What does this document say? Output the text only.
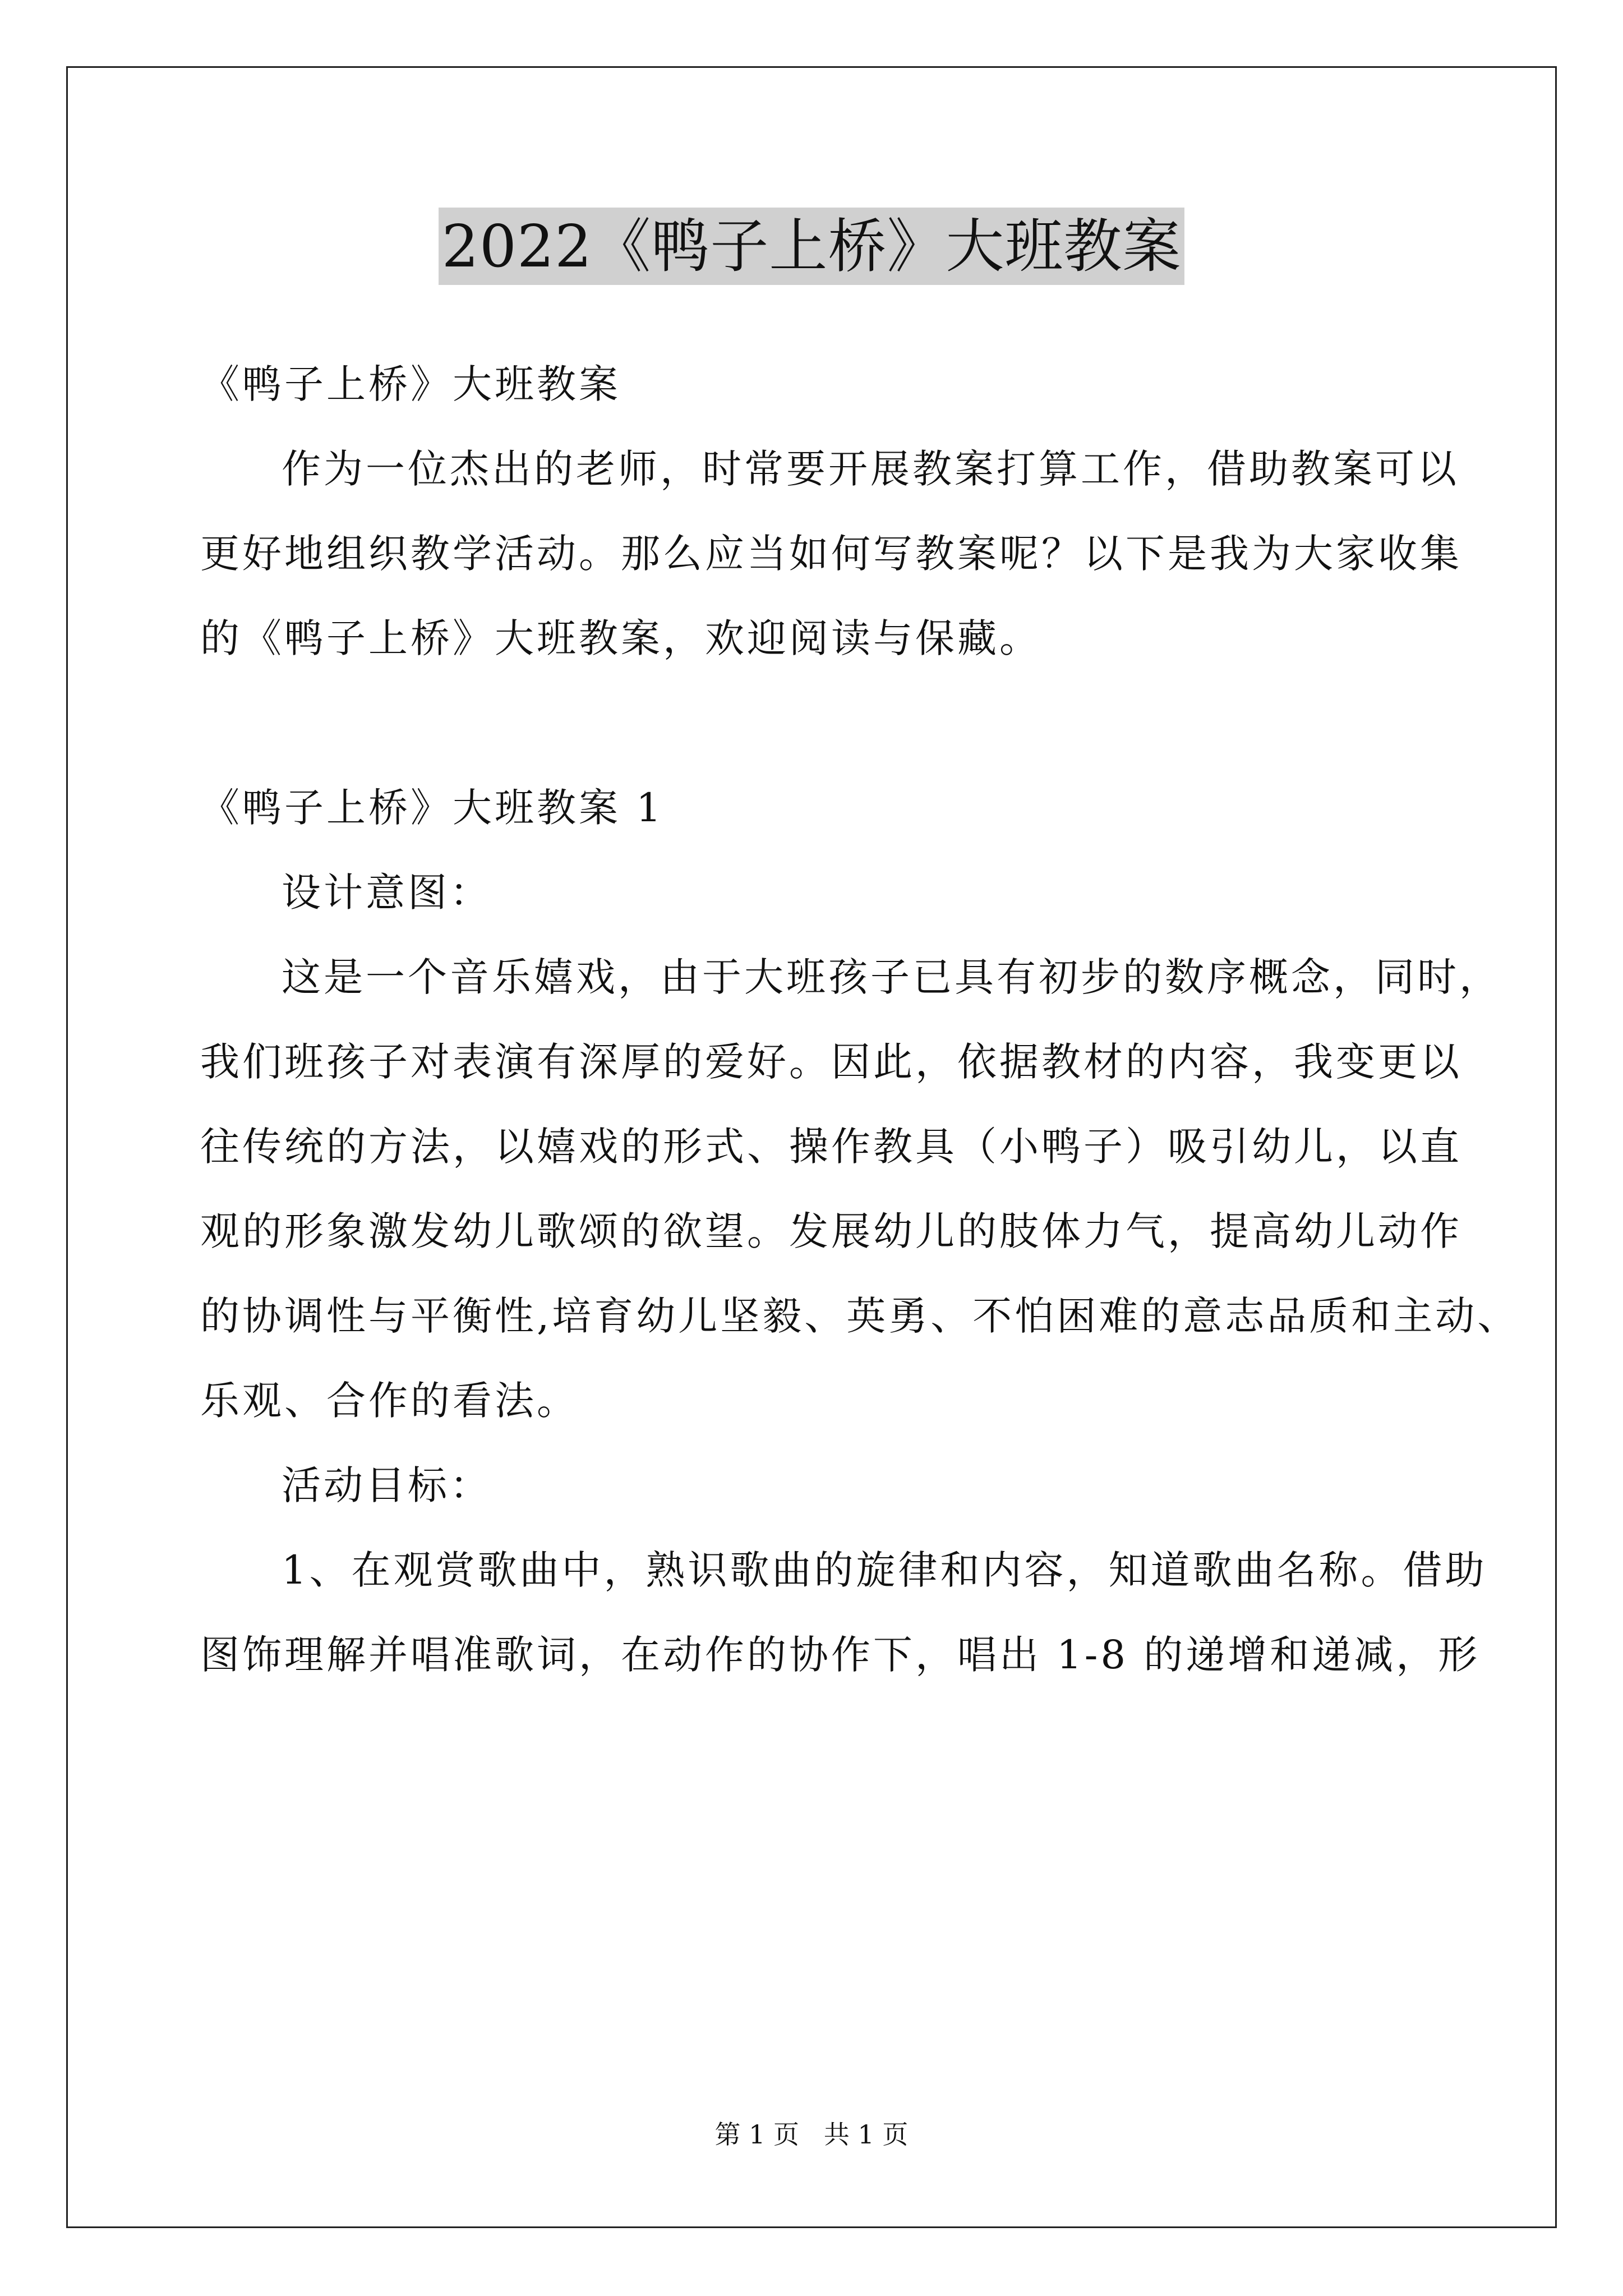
2022《鸭子上桥》大班教案
《鸭子上桥》大班教案
作为一位杰出的老师，时常要开展教案打算工作，借助教案可以
更好地组织教学活动。那么应当如何写教案呢？以下是我为大家收集
的《鸭子上桥》大班教案，欢迎阅读与保藏。
《鸭子上桥》大班教案 1
设计意图：
这是一个音乐嬉戏，由于大班孩子已具有初步的数序概念，同时，
我们班孩子对表演有深厚的爱好。因此，依据教材的内容，我变更以
往传统的方法，以嬉戏的形式、操作教具（小鸭子）吸引幼儿，以直
观的形象激发幼儿歌颂的欲望。发展幼儿的肢体力气，提高幼儿动作
的协调性与平衡性,培育幼儿坚毅、英勇、不怕困难的意志品质和主动、
乐观、合作的看法。
活动目标：
1、在观赏歌曲中，熟识歌曲的旋律和内容，知道歌曲名称。借助
图饰理解并唱准歌词，在动作的协作下，唱出 1-8 的递增和递减，形
第 1 页   共 1 页
